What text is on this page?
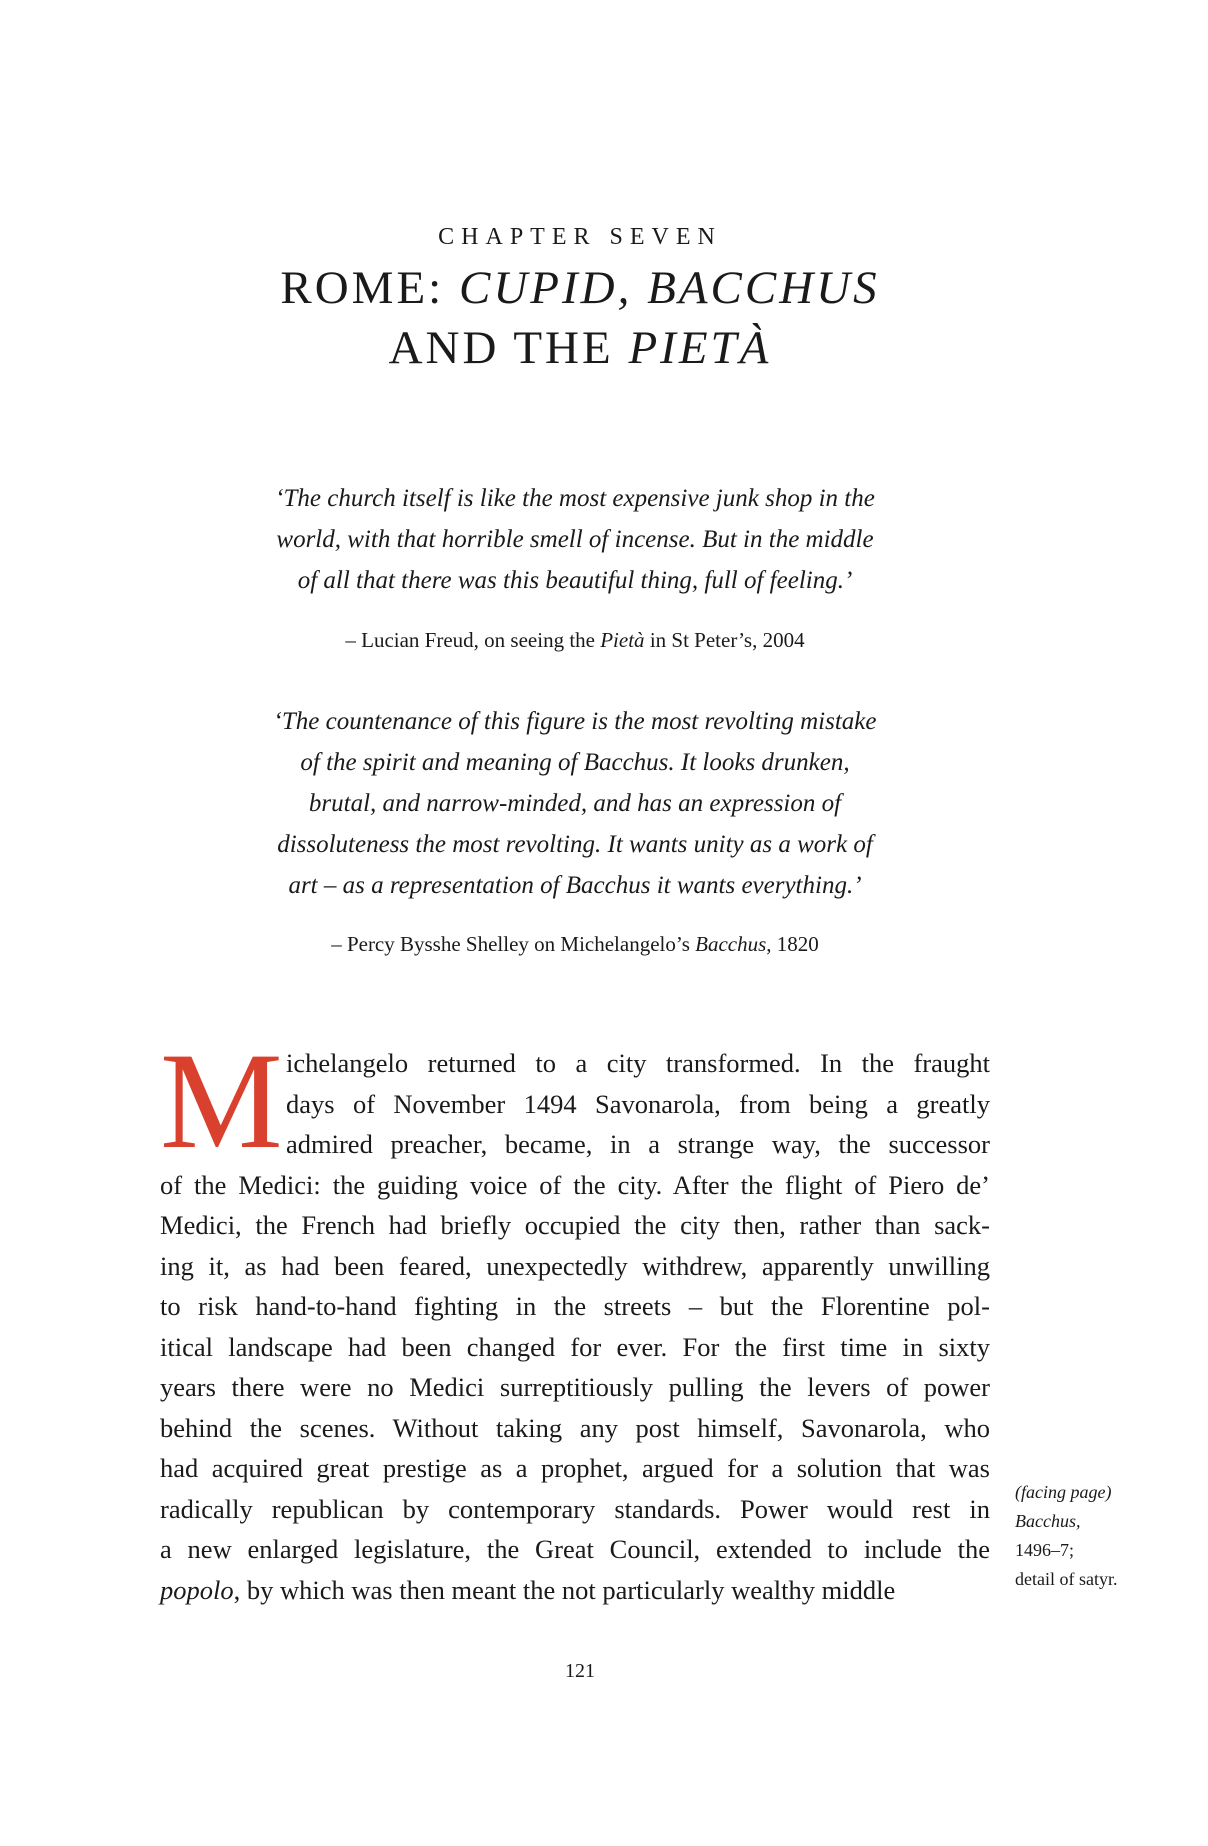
CHAPTER SEVEN
ROME: CUPID, BACCHUS
AND THE PIETÀ
‘The church itself is like the most expensive junk shop in the
world, with that horrible smell of incense. But in the middle
of all that there was this beautiful thing, full of feeling.’
– Lucian Freud, on seeing the Pietà in St Peter’s, 2004
‘The countenance of this figure is the most revolting mistake
of the spirit and meaning of Bacchus. It looks drunken,
brutal, and narrow-minded, and has an expression of
dissoluteness the most revolting. It wants unity as a work of
art – as a representation of Bacchus it wants everything.’
– Percy Bysshe Shelley on Michelangelo’s Bacchus, 1820
M ichelangelo returned to a city transformed. In the fraught
days of November 1494 Savonarola, from being a greatly
admired preacher, became, in a strange way, the successor
of the Medici: the guiding voice of the city. After the flight of Piero de’
Medici, the French had briefly occupied the city then, rather than sack-
ing it, as had been feared, unexpectedly withdrew, apparently unwilling
to risk hand-to-hand fighting in the streets – but the Florentine pol-
itical landscape had been changed for ever. For the first time in sixty
years there were no Medici surreptitiously pulling the levers of power
behind the scenes. Without taking any post himself, Savonarola, who
had acquired great prestige as a prophet, argued for a solution that was
radically republican by contemporary standards. Power would rest in
a new enlarged legislature, the Great Council, extended to include the
popolo, by which was then meant the not particularly wealthy middle
(facing page)
Bacchus,
1496–7;
detail of satyr.
121
